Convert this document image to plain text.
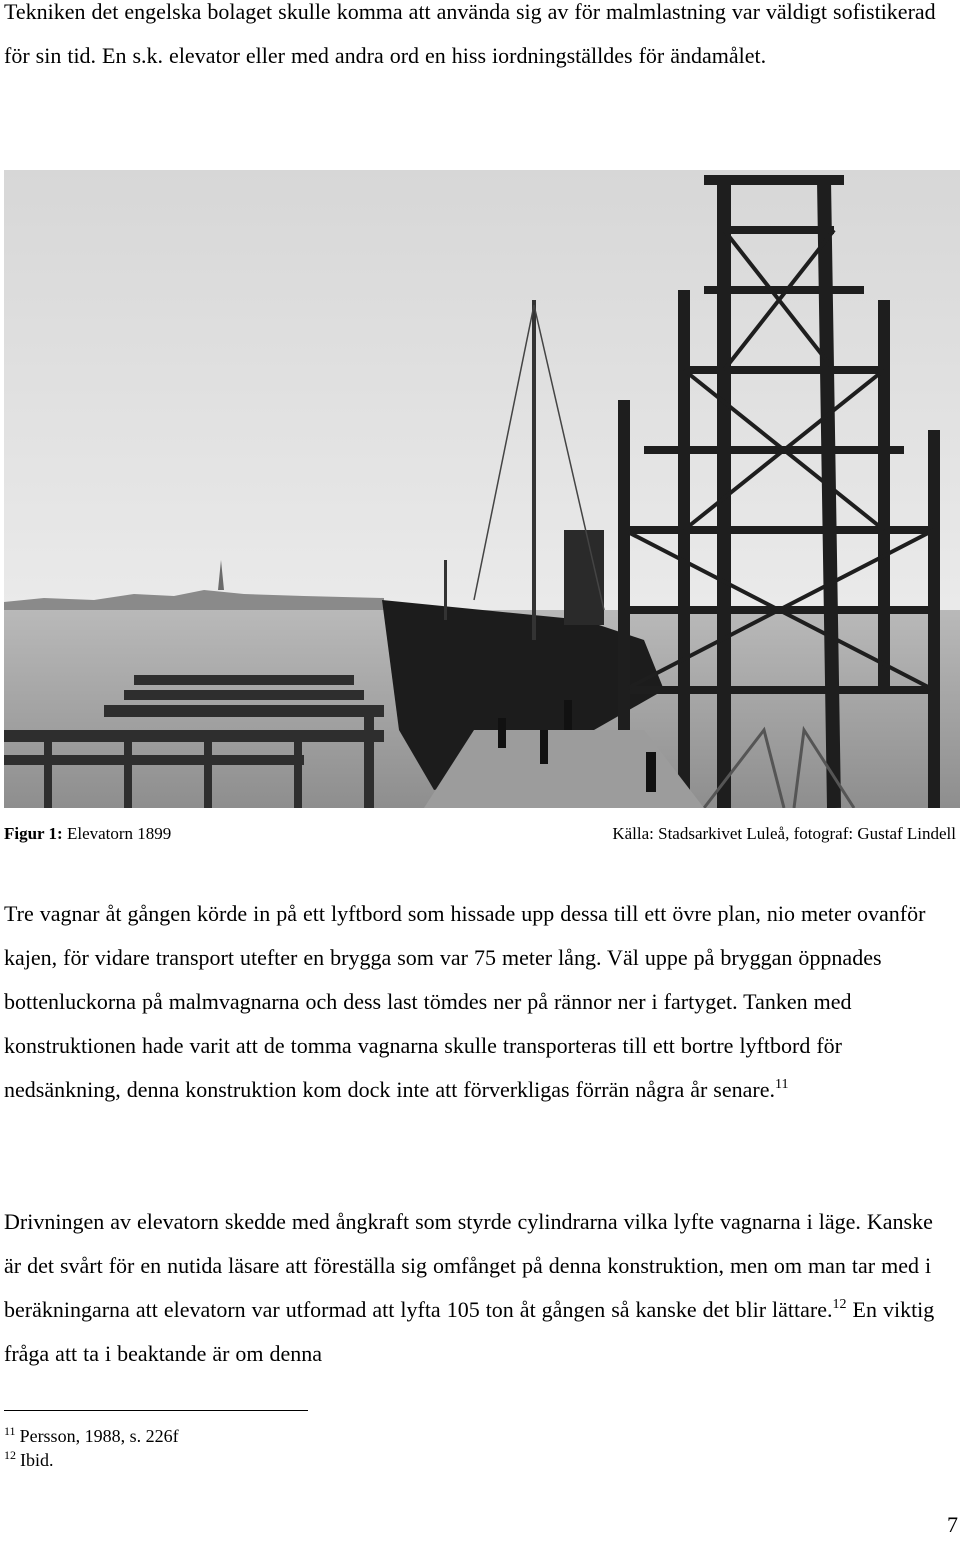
Tekniken det engelska bolaget skulle komma att använda sig av för malmlastning var väldigt sofistikerad för sin tid. En s.k. elevator eller med andra ord en hiss iordningställdes för ändamålet.

Figur 1: Elevatorn 1899	Källa: Stadsarkivet Luleå, fotograf: Gustaf Lindell

Tre vagnar åt gången körde in på ett lyftbord som hissade upp dessa till ett övre plan, nio meter ovanför kajen, för vidare transport utefter en brygga som var 75 meter lång. Väl uppe på bryggan öppnades bottenluckorna på malmvagnarna och dess last tömdes ner på rännor ner i fartyget. Tanken med konstruktionen hade varit att de tomma vagnarna skulle transporteras till ett bortre lyftbord för nedsänkning, denna konstruktion kom dock inte att förverkligas förrän några år senare.$^{11}$

Drivningen av elevatorn skedde med ångkraft som styrde cylindrarna vilka lyfte vagnarna i läge. Kanske är det svårt för en nutida läsare att föreställa sig omfånget på denna konstruktion, men om man tar med i beräkningarna att elevatorn var utformad att lyfta 105 ton åt gången så kanske det blir lättare.$^{12}$ En viktig fråga att ta i beaktande är om denna

$^{11}$ Persson, 1988, s. 226f
$^{12}$ Ibid.
7
